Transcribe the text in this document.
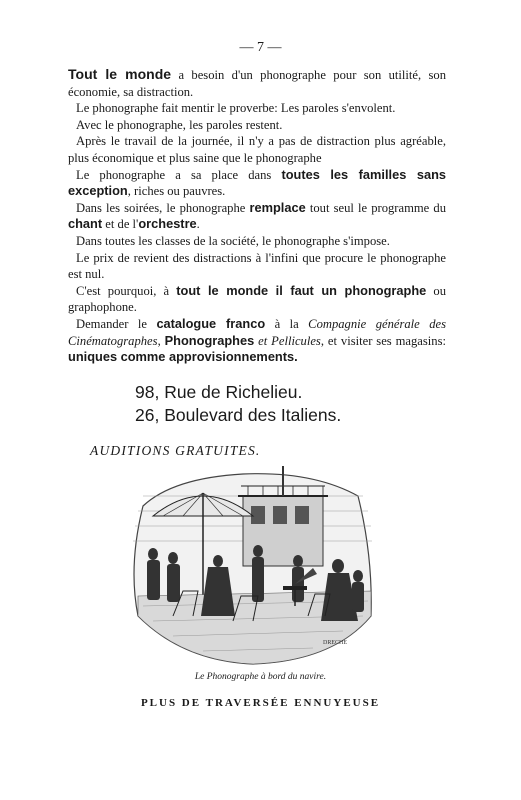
— 7 —

Tout le monde a besoin d'un phonographe pour son utilité, son économie, sa distraction.

Le phonographe fait mentir le proverbe: Les paroles s'envolent.

Avec le phonographe, les paroles restent.

Après le travail de la journée, il n'y a pas de distraction plus agréable, plus économique et plus saine que le phonographe

Le phonographe a sa place dans toutes les familles sans exception, riches ou pauvres.

Dans les soirées, le phonographe remplace tout seul le programme du chant et de l'orchestre.

Dans toutes les classes de la société, le phonographe s'impose.

Le prix de revient des distractions à l'infini que procure le phonographe est nul.

C'est pourquoi, à tout le monde il faut un phonographe ou graphophone.

Demander le catalogue franco à la Compagnie générale des Cinématographes, Phonographes et Pellicules, et visiter ses magasins: uniques comme approvisionnements.

98, Rue de Richelieu.
26, Boulevard des Italiens.
AUDITIONS GRATUITES.
DRECHE
Le Phonographe à bord du navire.
PLUS DE TRAVERSÉE ENNUYEUSE
